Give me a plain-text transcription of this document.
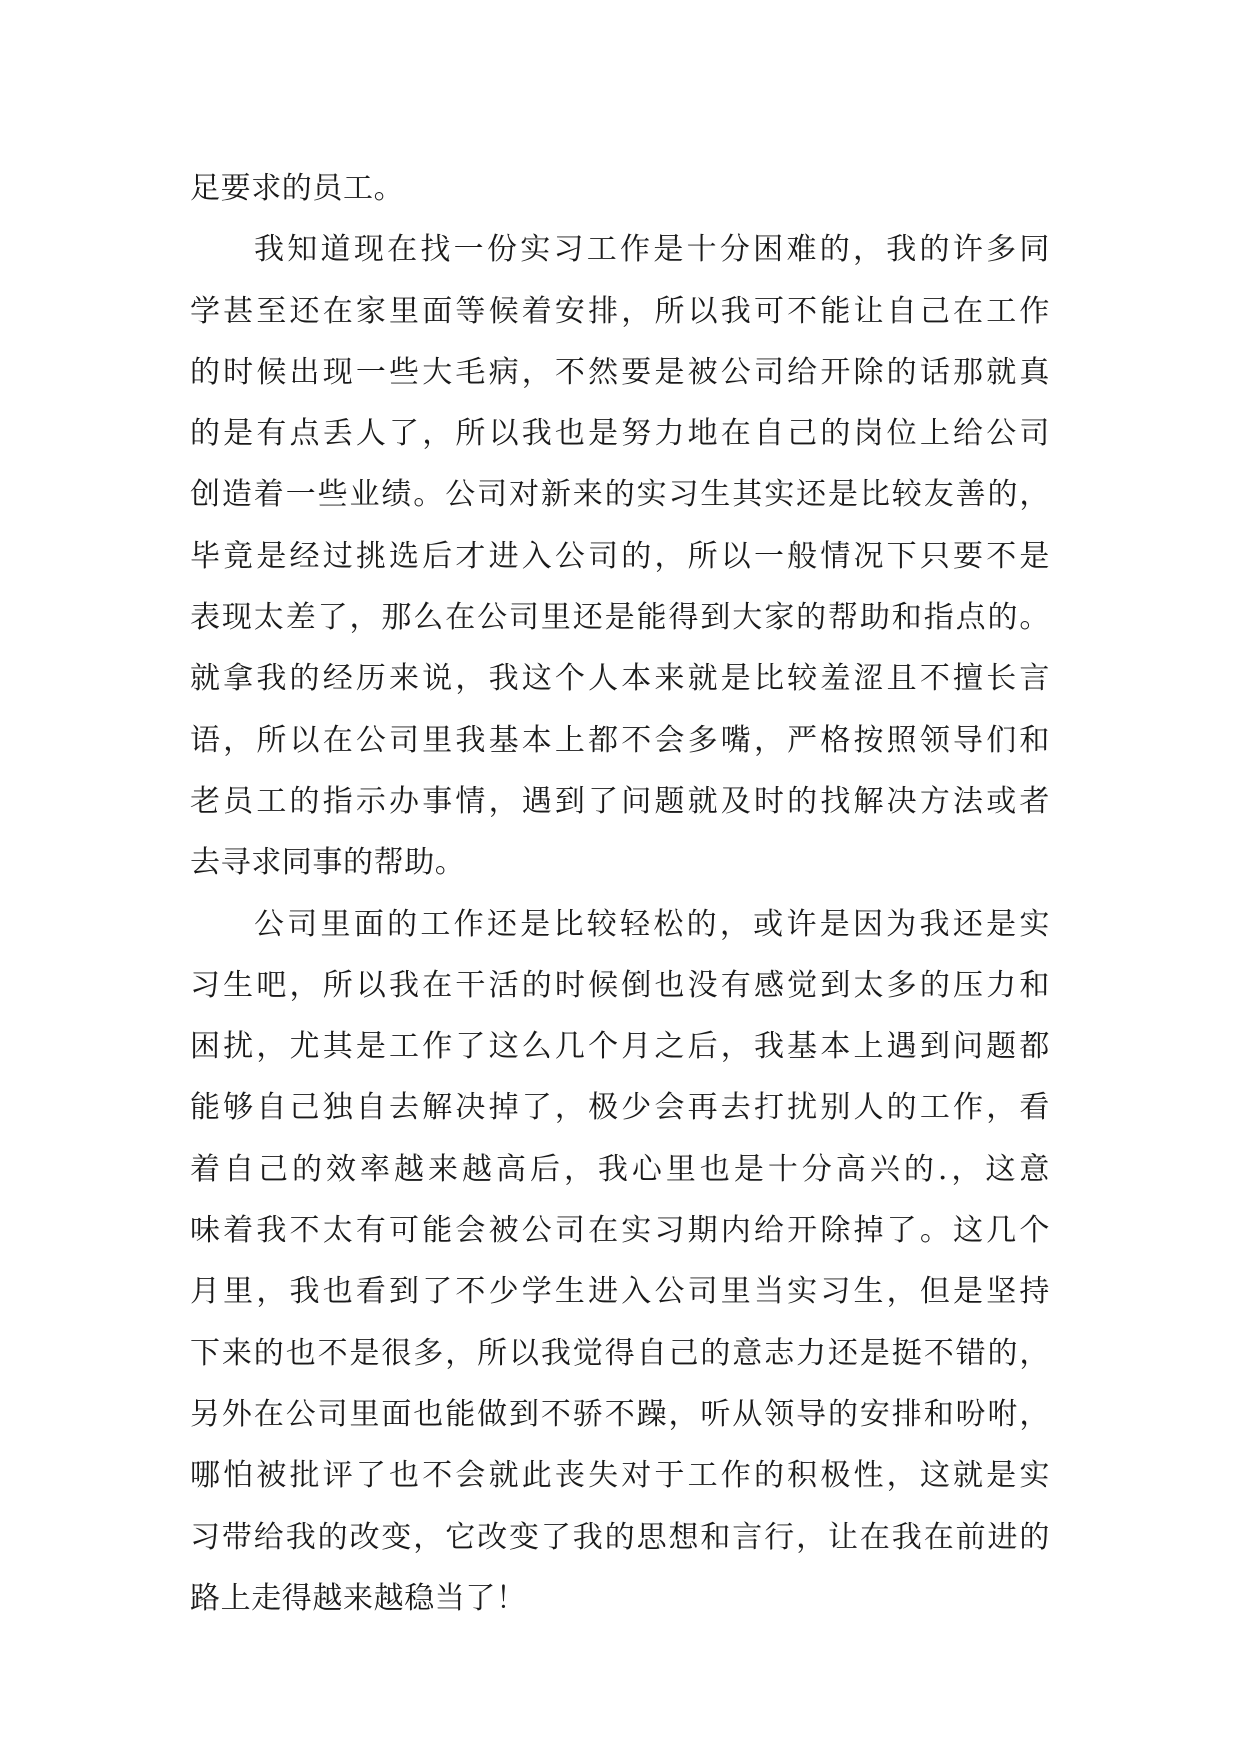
足要求的员工。
我知道现在找一份实习工作是十分困难的，我的许多同
学甚至还在家里面等候着安排，所以我可不能让自己在工作
的时候出现一些大毛病，不然要是被公司给开除的话那就真
的是有点丢人了，所以我也是努力地在自己的岗位上给公司
创造着一些业绩。公司对新来的实习生其实还是比较友善的，
毕竟是经过挑选后才进入公司的，所以一般情况下只要不是
表现太差了，那么在公司里还是能得到大家的帮助和指点的。
就拿我的经历来说，我这个人本来就是比较羞涩且不擅长言
语，所以在公司里我基本上都不会多嘴，严格按照领导们和
老员工的指示办事情，遇到了问题就及时的找解决方法或者
去寻求同事的帮助。
公司里面的工作还是比较轻松的，或许是因为我还是实
习生吧，所以我在干活的时候倒也没有感觉到太多的压力和
困扰，尤其是工作了这么几个月之后，我基本上遇到问题都
能够自己独自去解决掉了，极少会再去打扰别人的工作，看
着自己的效率越来越高后，我心里也是十分高兴的.，这意
味着我不太有可能会被公司在实习期内给开除掉了。这几个
月里，我也看到了不少学生进入公司里当实习生，但是坚持
下来的也不是很多，所以我觉得自己的意志力还是挺不错的，
另外在公司里面也能做到不骄不躁，听从领导的安排和吩咐，
哪怕被批评了也不会就此丧失对于工作的积极性，这就是实
习带给我的改变，它改变了我的思想和言行，让在我在前进的
路上走得越来越稳当了！
